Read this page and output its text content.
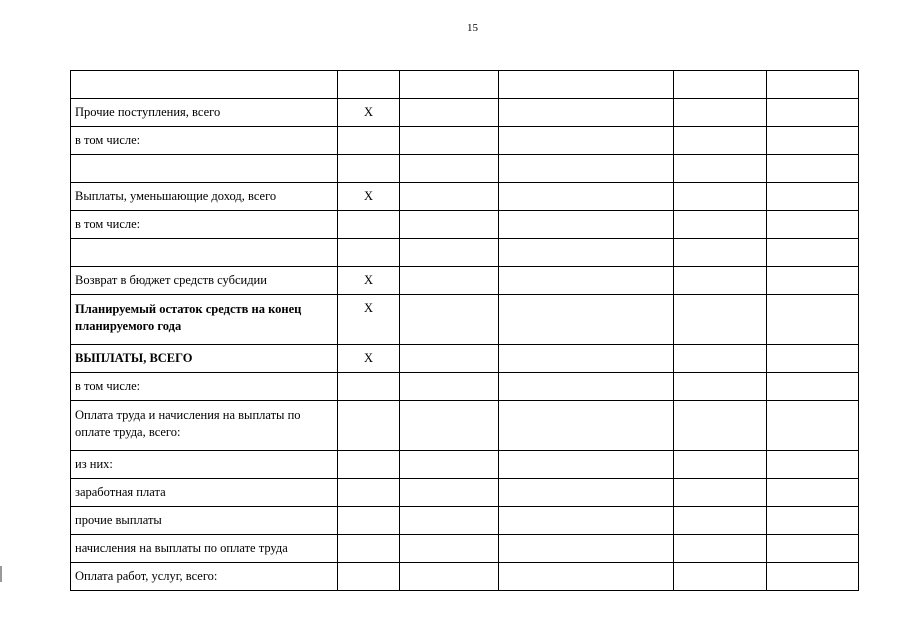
15

Прочие поступления, всего	X				
в том числе:					

Выплаты, уменьшающие доход, всего	X				
в том числе:					

Возврат в бюджет средств субсидии	X				
Планируемый остаток средств на конец планируемого года	X				
ВЫПЛАТЫ, ВСЕГО	X				
в том числе:					
Оплата труда и начисления на выплаты по оплате труда, всего:					
из них:					
заработная плата					
прочие выплаты					
начисления на выплаты по оплате труда					
Оплата работ, услуг, всего:					
